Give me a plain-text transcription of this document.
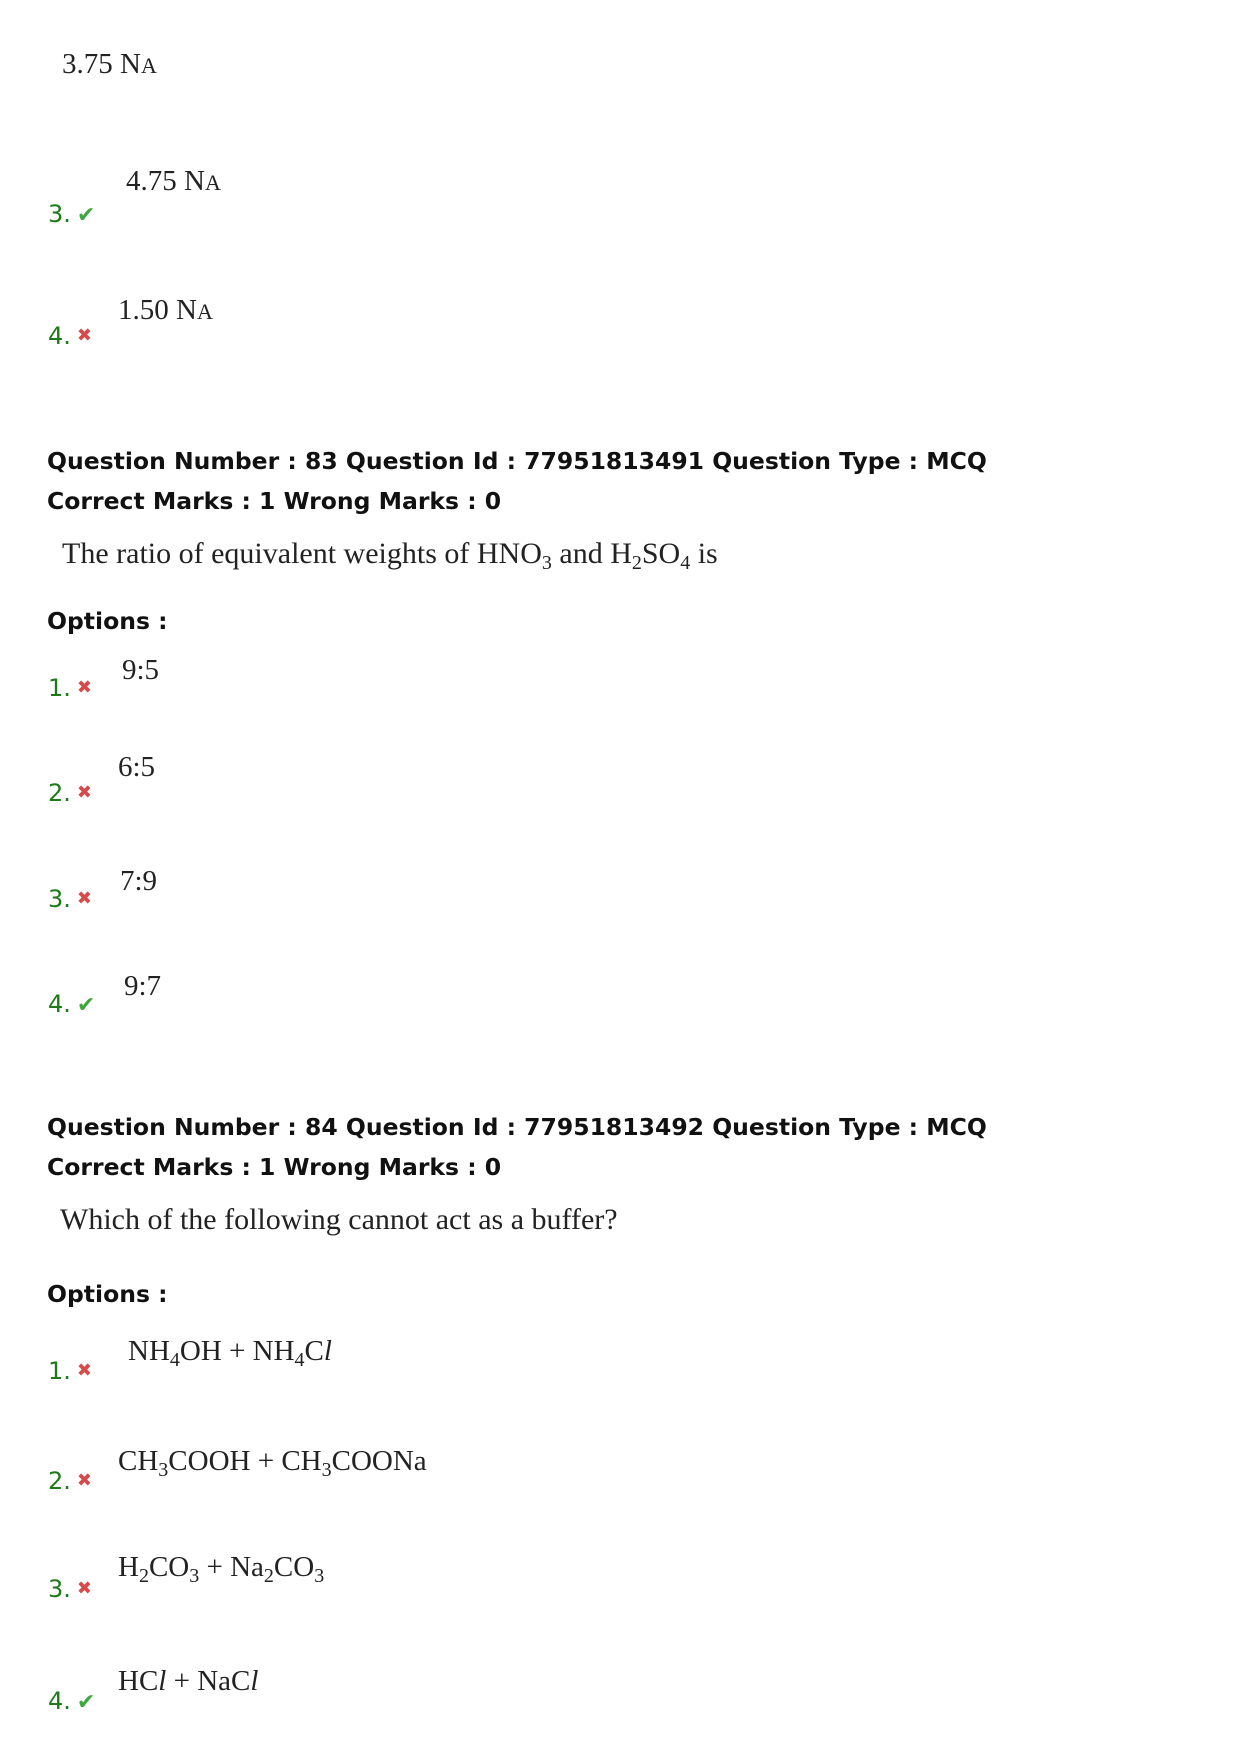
3.75 NA
4.75 NA
3. ✔
1.50 NA
4. ✖
Question Number : 83 Question Id : 77951813491 Question Type : MCQ
Correct Marks : 1 Wrong Marks : 0
The ratio of equivalent weights of $HNO_3$ and $H_2SO_4$ is
Options :
9:5
1. ✖
6:5
2. ✖
7:9
3. ✖
9:7
4. ✔
Question Number : 84 Question Id : 77951813492 Question Type : MCQ
Correct Marks : 1 Wrong Marks : 0
Which of the following cannot act as a buffer?
Options :
$NH_4OH + NH_4Cl$
1. ✖
$CH_3COOH$ + $CH_3COONa$
2. ✖
$H_2CO_3 + Na_2CO_3$
3. ✖
HCl + NaCl
4. ✔
